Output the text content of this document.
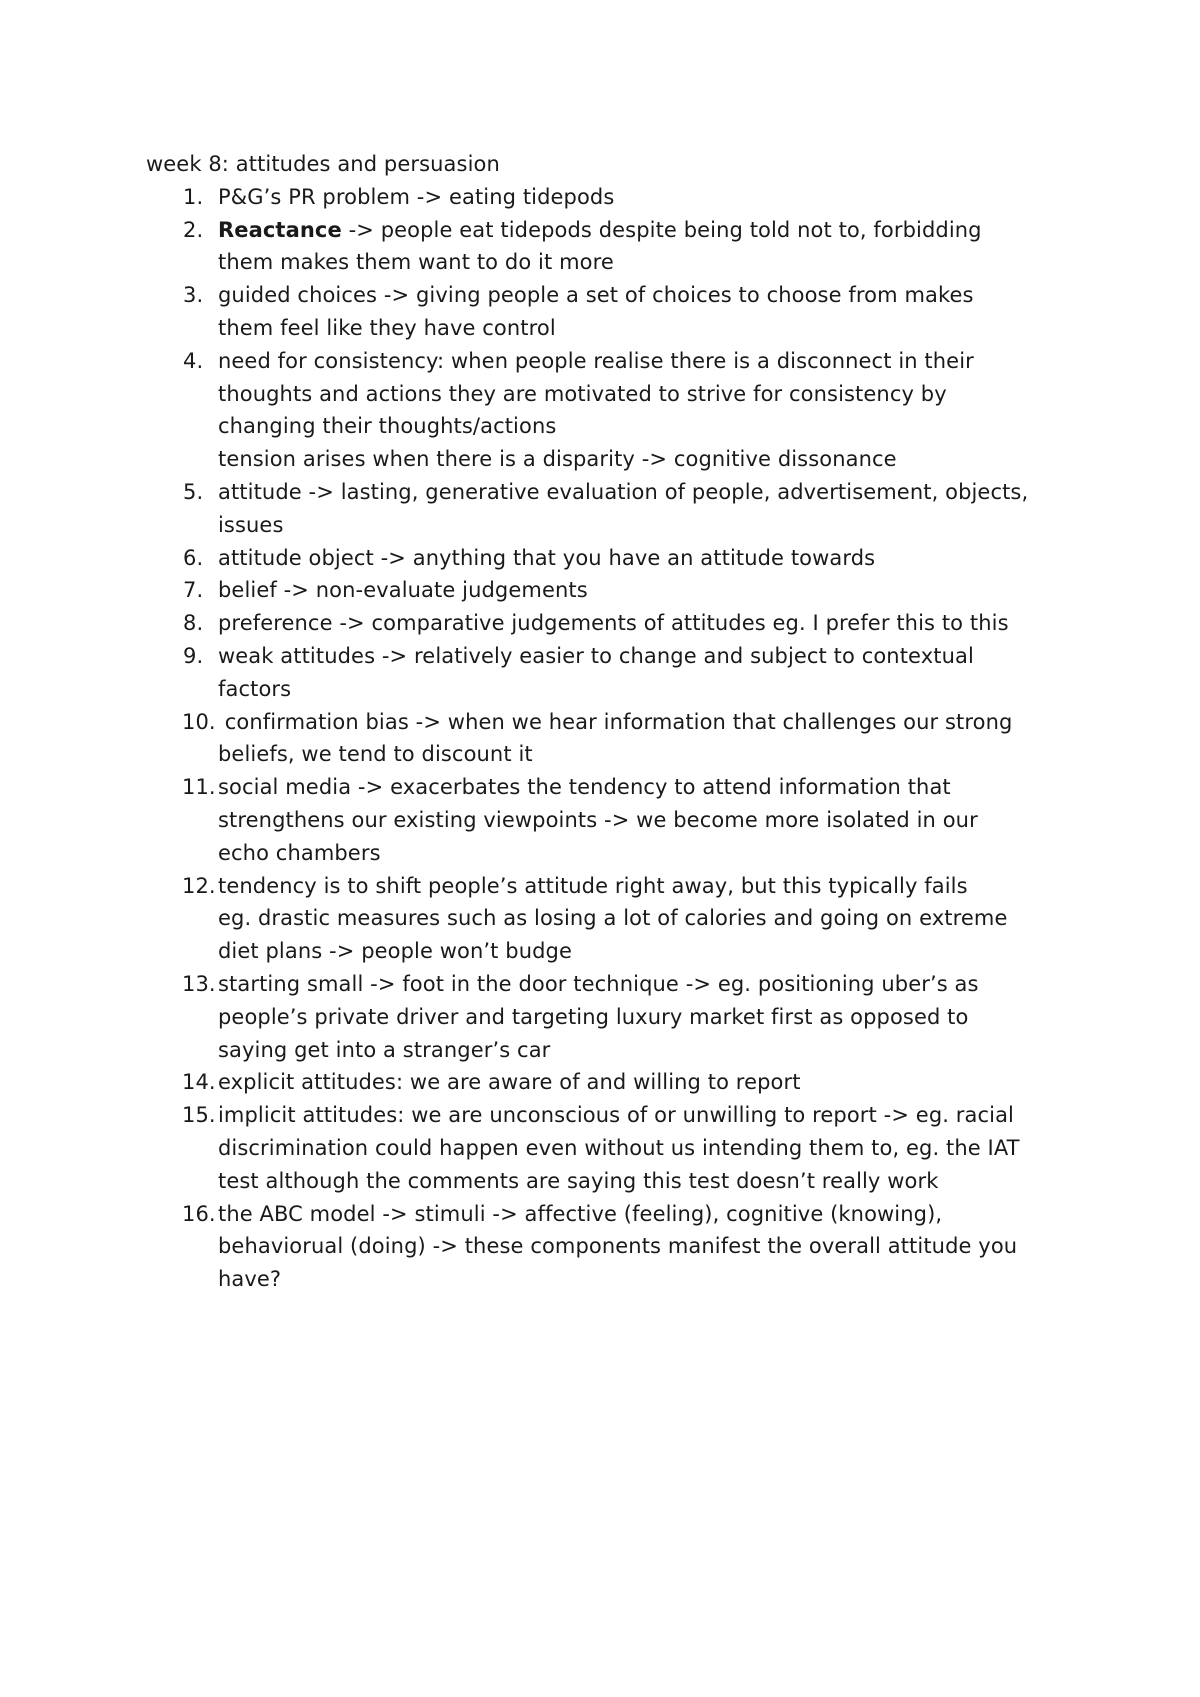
week 8: attitudes and persuasion
1. P&G’s PR problem -> eating tidepods
2. Reactance -> people eat tidepods despite being told not to, forbidding
them makes them want to do it more
3. guided choices -> giving people a set of choices to choose from makes
them feel like they have control
4. need for consistency: when people realise there is a disconnect in their
thoughts and actions they are motivated to strive for consistency by
changing their thoughts/actions
tension arises when there is a disparity -> cognitive dissonance
5. attitude -> lasting, generative evaluation of people, advertisement, objects,
issues
6. attitude object -> anything that you have an attitude towards
7. belief -> non-evaluate judgements
8. preference -> comparative judgements of attitudes eg. I prefer this to this
9. weak attitudes -> relatively easier to change and subject to contextual
factors
10. confirmation bias -> when we hear information that challenges our strong
beliefs, we tend to discount it
11. social media -> exacerbates the tendency to attend information that
strengthens our existing viewpoints -> we become more isolated in our
echo chambers
12. tendency is to shift people’s attitude right away, but this typically fails
eg. drastic measures such as losing a lot of calories and going on extreme
diet plans -> people won’t budge
13. starting small -> foot in the door technique -> eg. positioning uber’s as
people’s private driver and targeting luxury market first as opposed to
saying get into a stranger’s car
14. explicit attitudes: we are aware of and willing to report
15. implicit attitudes: we are unconscious of or unwilling to report -> eg. racial
discrimination could happen even without us intending them to, eg. the IAT
test although the comments are saying this test doesn’t really work
16. the ABC model -> stimuli -> affective (feeling), cognitive (knowing),
behaviorual (doing) -> these components manifest the overall attitude you
have?
